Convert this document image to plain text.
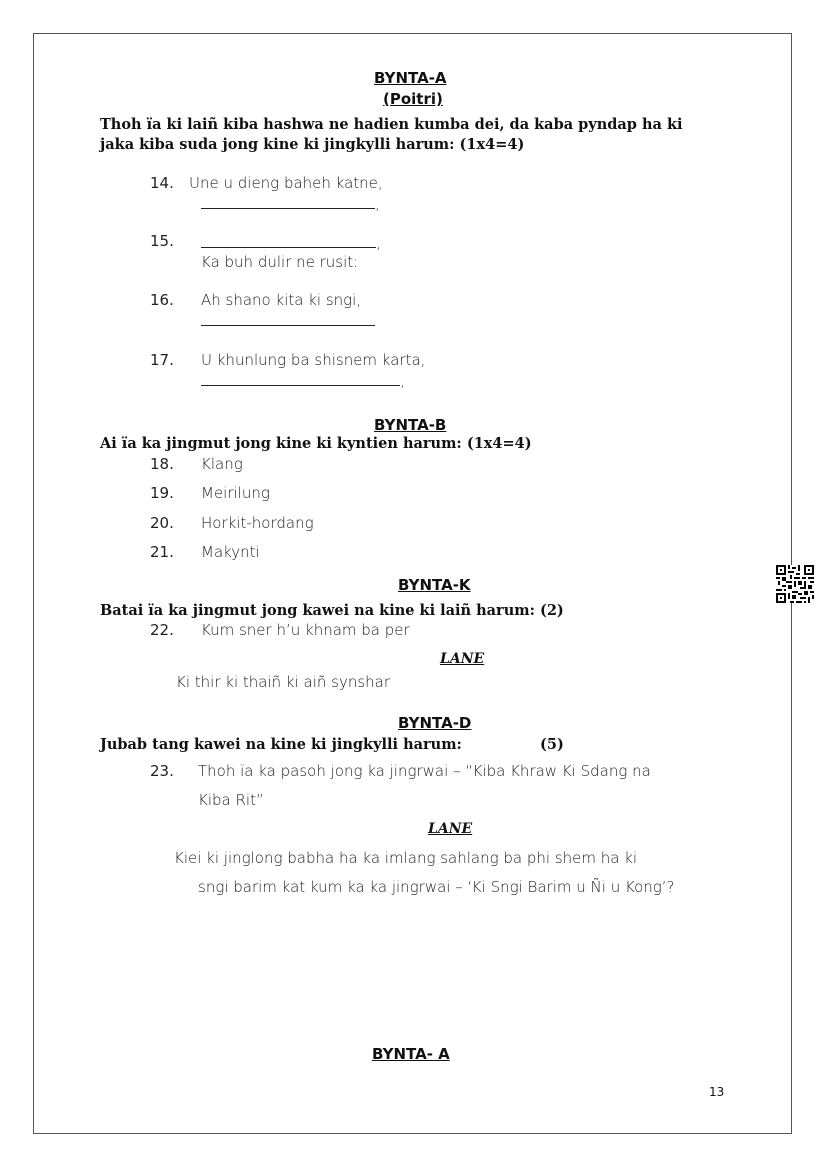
BYNTA-A
(Poitri)
Thoh ïa ki laiñ kiba hashwa ne hadien kumba dei, da kaba pyndap ha ki
jaka kiba suda jong kine ki jingkylli harum: (1x4=4)
14. Une u dieng baheh katne,
,
15.	,
Ka buh dulir ne rusit:
16. Ah shano kita ki sngi,
17. U khunlung ba shisnem karta,
,
BYNTA-B
Ai ïa ka jingmut jong kine ki kyntien harum: (1x4=4)
18. Klang
19. Meirilung
20. Horkit-hordang
21. Makynti
BYNTA-K
Batai ïa ka jingmut jong kawei na kine ki laiñ harum: (2)
22. Kum sner h’u khnam ba per
LANE
Ki thir ki thaiñ ki aiñ synshar
BYNTA-D
Jubab tang kawei na kine ki jingkylli harum:	(5)
23. Thoh ïa ka pasoh jong ka jingrwai – “Kiba Khraw Ki Sdang na
Kiba Rit”
LANE
Kiei ki jinglong babha ha ka imlang sahlang ba phi shem ha ki
sngi barim kat kum ka ka jingrwai – ‘Ki Sngi Barim u Ñi u Kong’?
BYNTA- A
13
